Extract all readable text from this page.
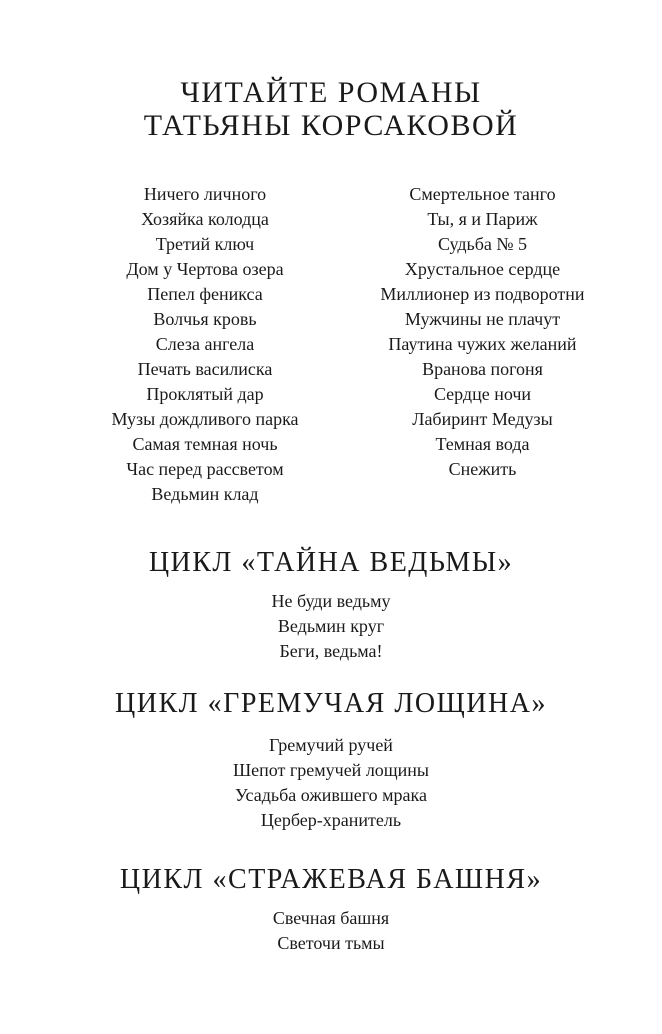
ЧИТАЙТЕ РОМАНЫ
ТАТЬЯНЫ КОРСАКОВОЙ
Ничего личного
Хозяйка колодца
Третий ключ
Дом у Чертова озера
Пепел феникса
Волчья кровь
Слеза ангела
Печать василиска
Проклятый дар
Музы дождливого парка
Самая темная ночь
Час перед рассветом
Ведьмин клад
Смертельное танго
Ты, я и Париж
Судьба № 5
Хрустальное сердце
Миллионер из подворотни
Мужчины не плачут
Паутина чужих желаний
Вранова погоня
Сердце ночи
Лабиринт Медузы
Темная вода
Снежить
ЦИКЛ «ТАЙНА ВЕДЬМЫ»
Не буди ведьму
Ведьмин круг
Беги, ведьма!
ЦИКЛ «ГРЕМУЧАЯ ЛОЩИНА»
Гремучий ручей
Шепот гремучей лощины
Усадьба ожившего мрака
Цербер-хранитель
ЦИКЛ «СТРАЖЕВАЯ БАШНЯ»
Свечная башня
Светочи тьмы
